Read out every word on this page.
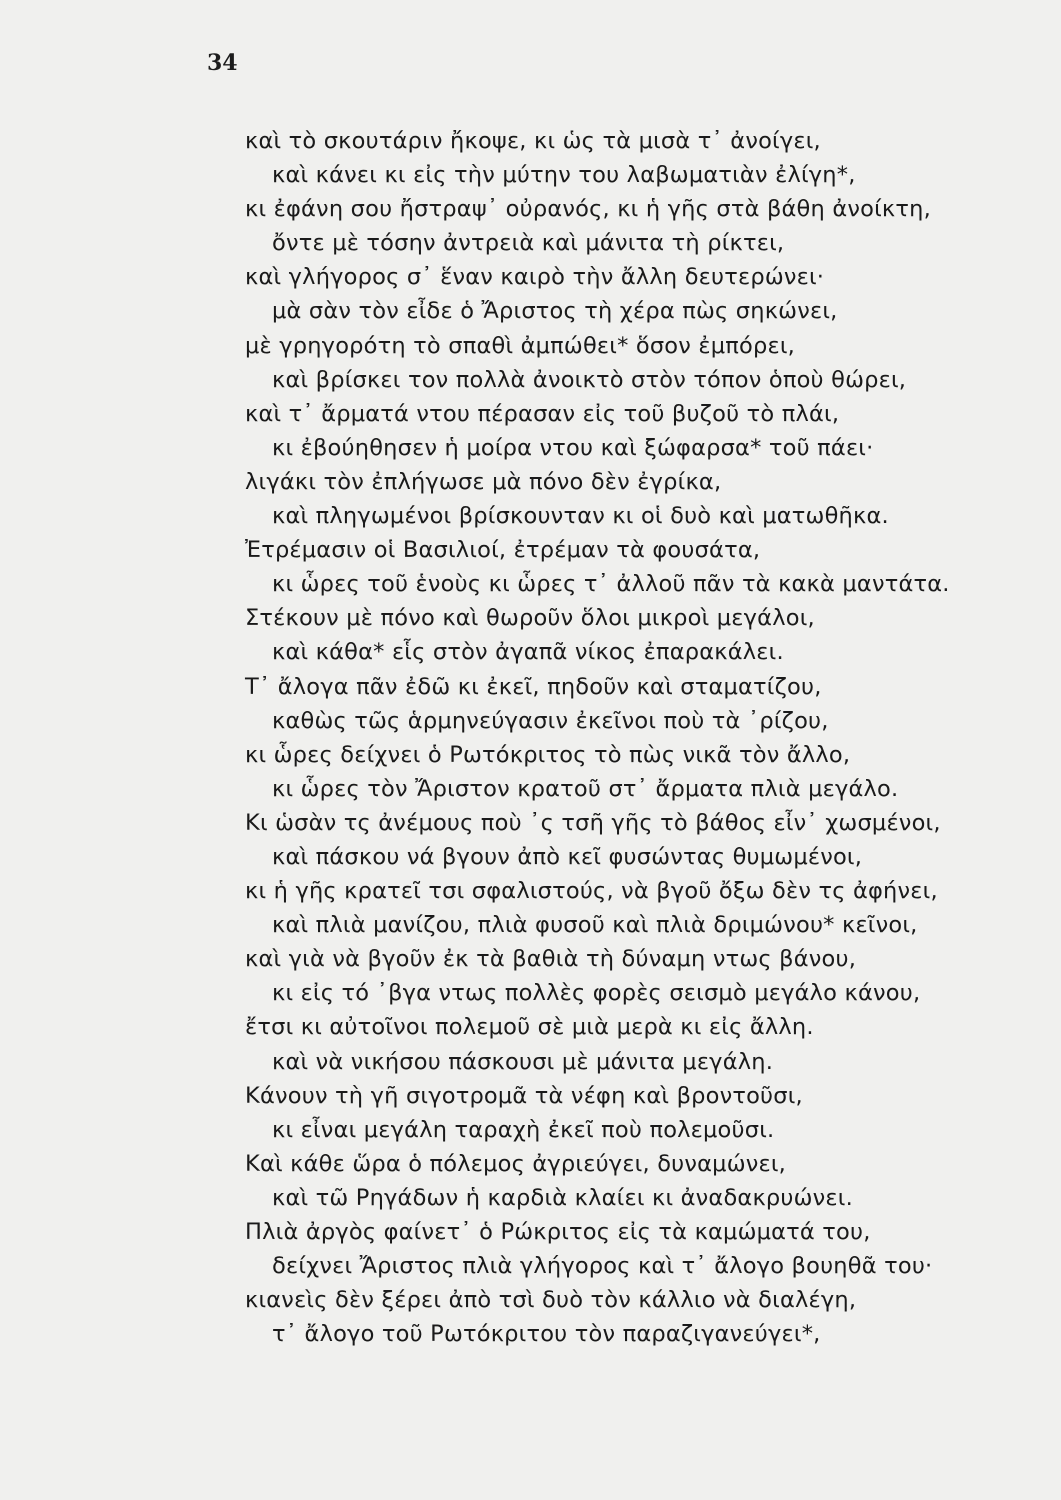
34
καὶ τὸ σκουτάριν ἤκοψε, κι ὡς τὰ μισὰ τ᾽ ἀνοίγει,
καὶ κάνει κι εἰς τὴν μύτην του λαβωματιὰν ἐλίγη*,
κι ἐφάνη σου ἤστραψ᾽ οὐρανός, κι ἡ γῆς στὰ βάθη ἀνοίκτη,
ὄντε μὲ τόσην ἀντρειὰ καὶ μάνιτα τὴ ρίκτει,
καὶ γλήγορος σ᾽ ἕναν καιρὸ τὴν ἄλλη δευτερώνει·
μὰ σὰν τὸν εἶδε ὁ Ἄριστος τὴ χέρα πὼς σηκώνει,
μὲ γρηγορότη τὸ σπαθὶ ἀμπώθει* ὅσον ἐμπόρει,
καὶ βρίσκει τον πολλὰ ἀνοικτὸ στὸν τόπον ὁποὺ θώρει,
καὶ τ᾽ ἄρματά ντου πέρασαν εἰς τοῦ βυζοῦ τὸ πλάι,
κι ἐβούηθησεν ἡ μοίρα ντου καὶ ξώφαρσα* τοῦ πάει·
λιγάκι τὸν ἐπλήγωσε μὰ πόνο δὲν ἐγρίκα,
καὶ πληγωμένοι βρίσκουνταν κι οἱ δυὸ καὶ ματωθῆκα.
Ἐτρέμασιν οἱ Βασιλιοί, ἐτρέμαν τὰ φουσάτα,
κι ὧρες τοῦ ἑνοὺς κι ὧρες τ᾽ ἀλλοῦ πᾶν τὰ κακὰ μαντάτα.
Στέκουν μὲ πόνο καὶ θωροῦν ὅλοι μικροὶ μεγάλοι,
καὶ κάθα* εἷς στὸν ἀγαπᾶ νίκος ἐπαρακάλει.
Τ᾽ ἄλογα πᾶν ἐδῶ κι ἐκεῖ, πηδοῦν καὶ σταματίζου,
καθὼς τῶς ἁρμηνεύγασιν ἐκεῖνοι ποὺ τὰ ᾽ρίζου,
κι ὧρες δείχνει ὁ Ρωτόκριτος τὸ πὼς νικᾶ τὸν ἄλλο,
κι ὧρες τὸν Ἄριστον κρατοῦ στ᾽ ἄρματα πλιὰ μεγάλο.
Κι ὡσὰν τς ἀνέμους ποὺ ᾽ς τσῆ γῆς τὸ βάθος εἶν᾽ χωσμένοι,
καὶ πάσκου νά βγουν ἀπὸ κεῖ φυσώντας θυμωμένοι,
κι ἡ γῆς κρατεῖ τσι σφαλιστούς, νὰ βγοῦ ὄξω δὲν τς ἀφήνει,
καὶ πλιὰ μανίζου, πλιὰ φυσοῦ καὶ πλιὰ δριμώνου* κεῖνοι,
καὶ γιὰ νὰ βγοῦν ἐκ τὰ βαθιὰ τὴ δύναμη ντως βάνου,
κι εἰς τό ᾽βγα ντως πολλὲς φορὲς σεισμὸ μεγάλο κάνου,
ἔτσι κι αὐτοῖνοι πολεμοῦ σὲ μιὰ μερὰ κι εἰς ἄλλη.
καὶ νὰ νικήσου πάσκουσι μὲ μάνιτα μεγάλη.
Κάνουν τὴ γῆ σιγοτρομᾶ τὰ νέφη καὶ βροντοῦσι,
κι εἶναι μεγάλη ταραχὴ ἐκεῖ ποὺ πολεμοῦσι.
Καὶ κάθε ὥρα ὁ πόλεμος ἀγριεύγει, δυναμώνει,
καὶ τῶ Ρηγάδων ἡ καρδιὰ κλαίει κι ἀναδακρυώνει.
Πλιὰ ἀργὸς φαίνετ᾽ ὁ Ρώκριτος εἰς τὰ καμώματά του,
δείχνει Ἄριστος πλιὰ γλήγορος καὶ τ᾽ ἄλογο βουηθᾶ του·
κιανεὶς δὲν ξέρει ἀπὸ τσὶ δυὸ τὸν κάλλιο νὰ διαλέγη,
τ᾽ ἄλογο τοῦ Ρωτόκριτου τὸν παραζιγανεύγει*,
